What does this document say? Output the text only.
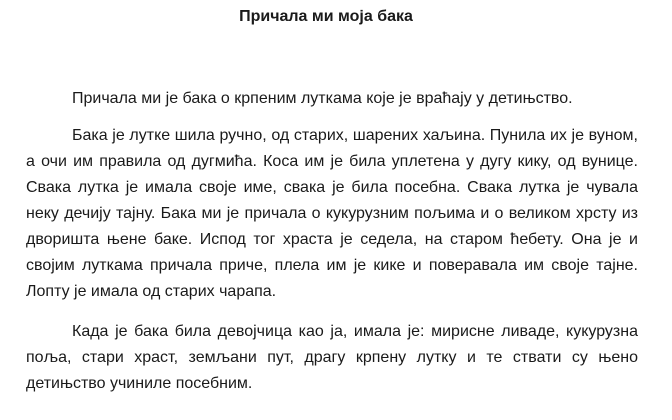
Причала ми моја бака

Причала ми је бака о крпеним луткама које је враћају у детињство.

Бака је лутке шила ручно, од старих, шарених хаљина. Пунила их је вуном, а очи им правила од дугмића. Коса им је била уплетена у дугу кику, од вунице. Свака лутка је имала своје име, свака је била посебна. Свака лутка је чувала неку дечију тајну. Бака ми је причала о кукурузним пољима и о великом хрсту из дворишта њене баке. Испод тог храста је седела, на старом ћебету. Она је и својим луткама причала приче, плела им је кике и поверавала им своје тајне. Лопту је имала од старих чарапа.

Када је бака била девојчица као ја, имала је: мирисне ливаде, кукурузна поља, стари храст, земљани пут, драгу крпену лутку и те ствати су њено детињство учиниле посебним.
